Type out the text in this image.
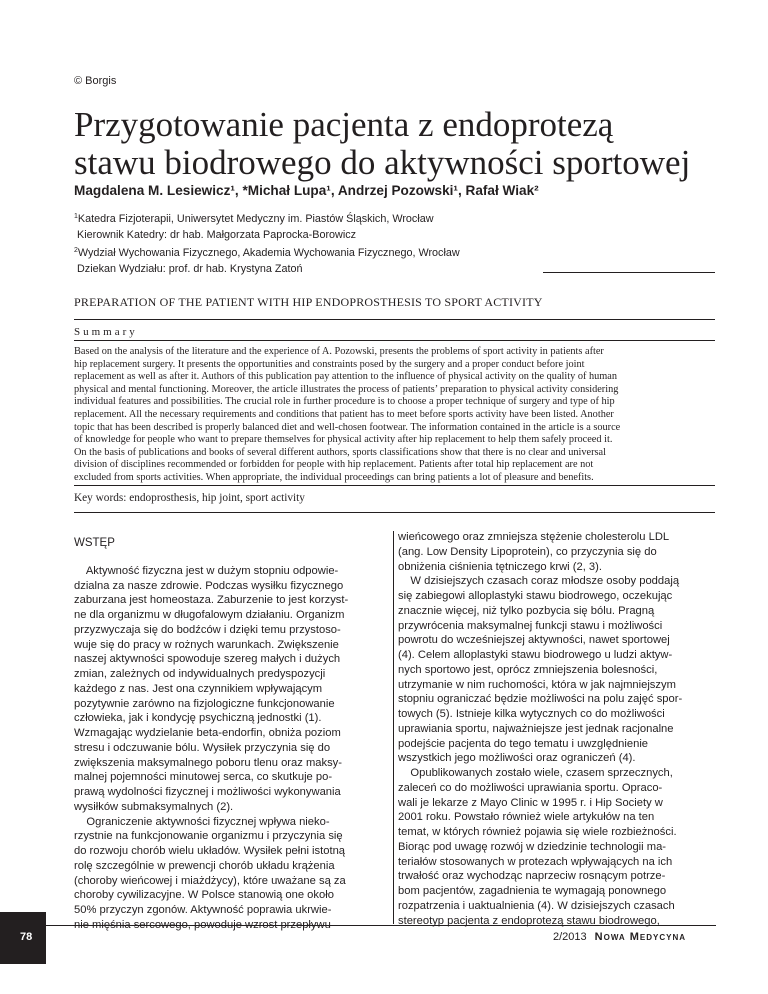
© Borgis
Przygotowanie pacjenta z endoprotezą
stawu biodrowego do aktywności sportowej
Magdalena M. Lesiewicz¹, *Michał Lupa¹, Andrzej Pozowski¹, Rafał Wiak²
$^1$Katedra Fizjoterapii, Uniwersytet Medyczny im. Piastów Śląskich, Wrocław
Kierownik Katedry: dr hab. Małgorzata Paprocka-Borowicz
$^2$Wydział Wychowania Fizycznego, Akademia Wychowania Fizycznego, Wrocław
Dziekan Wydziału: prof. dr hab. Krystyna Zatoń
PREPARATION OF THE PATIENT WITH HIP ENDOPROSTHESIS TO SPORT ACTIVITY
Summary
Based on the analysis of the literature and the experience of A. Pozowski, presents the problems of sport activity in patients after
hip replacement surgery. It presents the opportunities and constraints posed by the surgery and a proper conduct before joint
replacement as well as after it. Authors of this publication pay attention to the influence of physical activity on the quality of human
physical and mental functioning. Moreover, the article illustrates the process of patients’ preparation to physical activity considering
individual features and possibilities. The crucial role in further procedure is to choose a proper technique of surgery and type of hip
replacement. All the necessary requirements and conditions that patient has to meet before sports activity have been listed. Another
topic that has been described is properly balanced diet and well-chosen footwear. The information contained in the article is a source
of knowledge for people who want to prepare themselves for physical activity after hip replacement to help them safely proceed it.
On the basis of publications and books of several different authors, sports classifications show that there is no clear and universal
division of disciplines recommended or forbidden for people with hip replacement. Patients after total hip replacement are not
excluded from sports activities. When appropriate, the individual proceedings can bring patients a lot of pleasure and benefits.
Key words: endoprosthesis, hip joint, sport activity
WSTĘP
Aktywność fizyczna jest w dużym stopniu odpowie-
dzialna za nasze zdrowie. Podczas wysiłku fizycznego
zaburzana jest homeostaza. Zaburzenie to jest korzyst-
ne dla organizmu w długofalowym działaniu. Organizm
przyzwyczaja się do bodźców i dzięki temu przystoso-
wuje się do pracy w rożnych warunkach. Zwiększenie
naszej aktywności spowoduje szereg małych i dużych
zmian, zależnych od indywidualnych predyspozycji
każdego z nas. Jest ona czynnikiem wpływającym
pozytywnie zarówno na fizjologiczne funkcjonowanie
człowieka, jak i kondycję psychiczną jednostki (1).
Wzmagając wydzielanie beta-endorfin, obniża poziom
stresu i odczuwanie bólu. Wysiłek przyczynia się do
zwiększenia maksymalnego poboru tlenu oraz maksy-
malnej pojemności minutowej serca, co skutkuje po-
prawą wydolności fizycznej i możliwości wykonywania
wysiłków submaksymalnych (2).
Ograniczenie aktywności fizycznej wpływa nieko-
rzystnie na funkcjonowanie organizmu i przyczynia się
do rozwoju chorób wielu układów. Wysiłek pełni istotną
rolę szczególnie w prewencji chorób układu krążenia
(choroby wieńcowej i miażdżycy), które uważane są za
choroby cywilizacyjne. W Polsce stanowią one około
50% przyczyn zgonów. Aktywność poprawia ukrwie-
nie mięśnia sercowego, powoduje wzrost przepływu
wieńcowego oraz zmniejsza stężenie cholesterolu LDL
(ang. Low Density Lipoprotein), co przyczynia się do
obniżenia ciśnienia tętniczego krwi (2, 3).
W dzisiejszych czasach coraz młodsze osoby poddają
się zabiegowi alloplastyki stawu biodrowego, oczekując
znacznie więcej, niż tylko pozbycia się bólu. Pragną
przywrócenia maksymalnej funkcji stawu i możliwości
powrotu do wcześniejszej aktywności, nawet sportowej
(4). Celem alloplastyki stawu biodrowego u ludzi aktyw-
nych sportowo jest, oprócz zmniejszenia bolesności,
utrzymanie w nim ruchomości, która w jak najmniejszym
stopniu ograniczać będzie możliwości na polu zajęć spor-
towych (5). Istnieje kilka wytycznych co do możliwości
uprawiania sportu, najważniejsze jest jednak racjonalne
podejście pacjenta do tego tematu i uwzględnienie
wszystkich jego możliwości oraz ograniczeń (4).
Opublikowanych zostało wiele, czasem sprzecznych,
zaleceń co do możliwości uprawiania sportu. Opraco-
wali je lekarze z Mayo Clinic w 1995 r. i Hip Society w
2001 roku. Powstało również wiele artykułów na ten
temat, w których również pojawia się wiele rozbieżności.
Biorąc pod uwagę rozwój w dziedzinie technologii ma-
teriałów stosowanych w protezach wpływających na ich
trwałość oraz wychodząc naprzeciw rosnącym potrze-
bom pacjentów, zagadnienia te wymagają ponownego
rozpatrzenia i uaktualnienia (4). W dzisiejszych czasach
stereotyp pacjenta z endoprotezą stawu biodrowego,
78	2/2013 Nowa Medycyna
